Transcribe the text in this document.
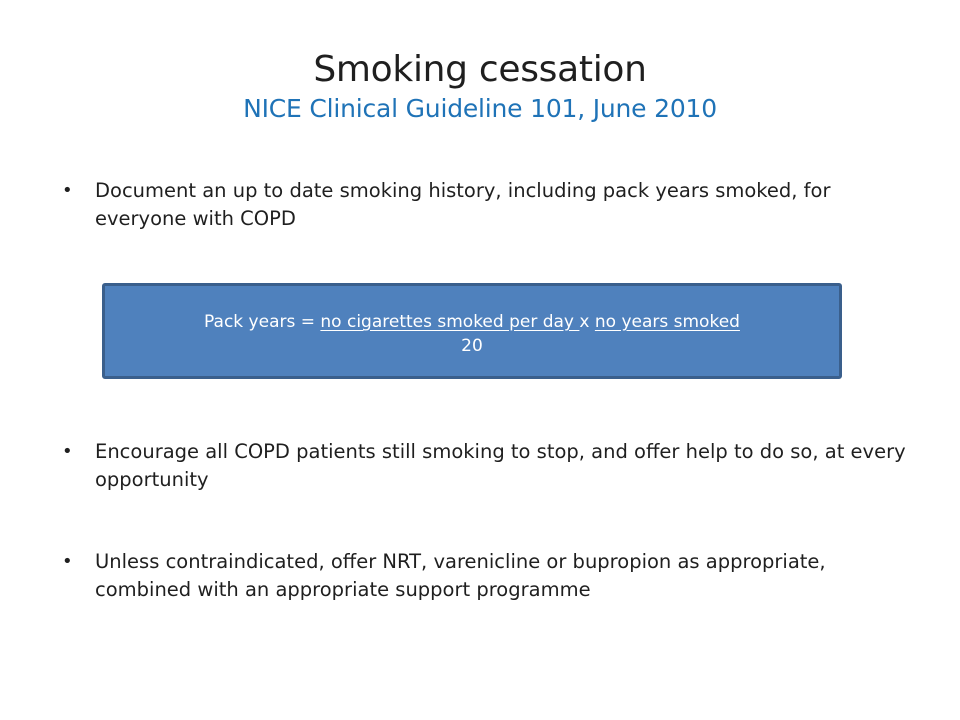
Smoking cessation
NICE Clinical Guideline 101, June 2010
•	Document an up to date smoking history, including pack years smoked, for everyone with COPD
Pack years = no cigarettes smoked per day x no years smoked
20
•	Encourage all COPD patients still smoking to stop, and offer help to do so, at every opportunity
•	Unless contraindicated, offer NRT, varenicline or bupropion as appropriate, combined with an appropriate support programme
